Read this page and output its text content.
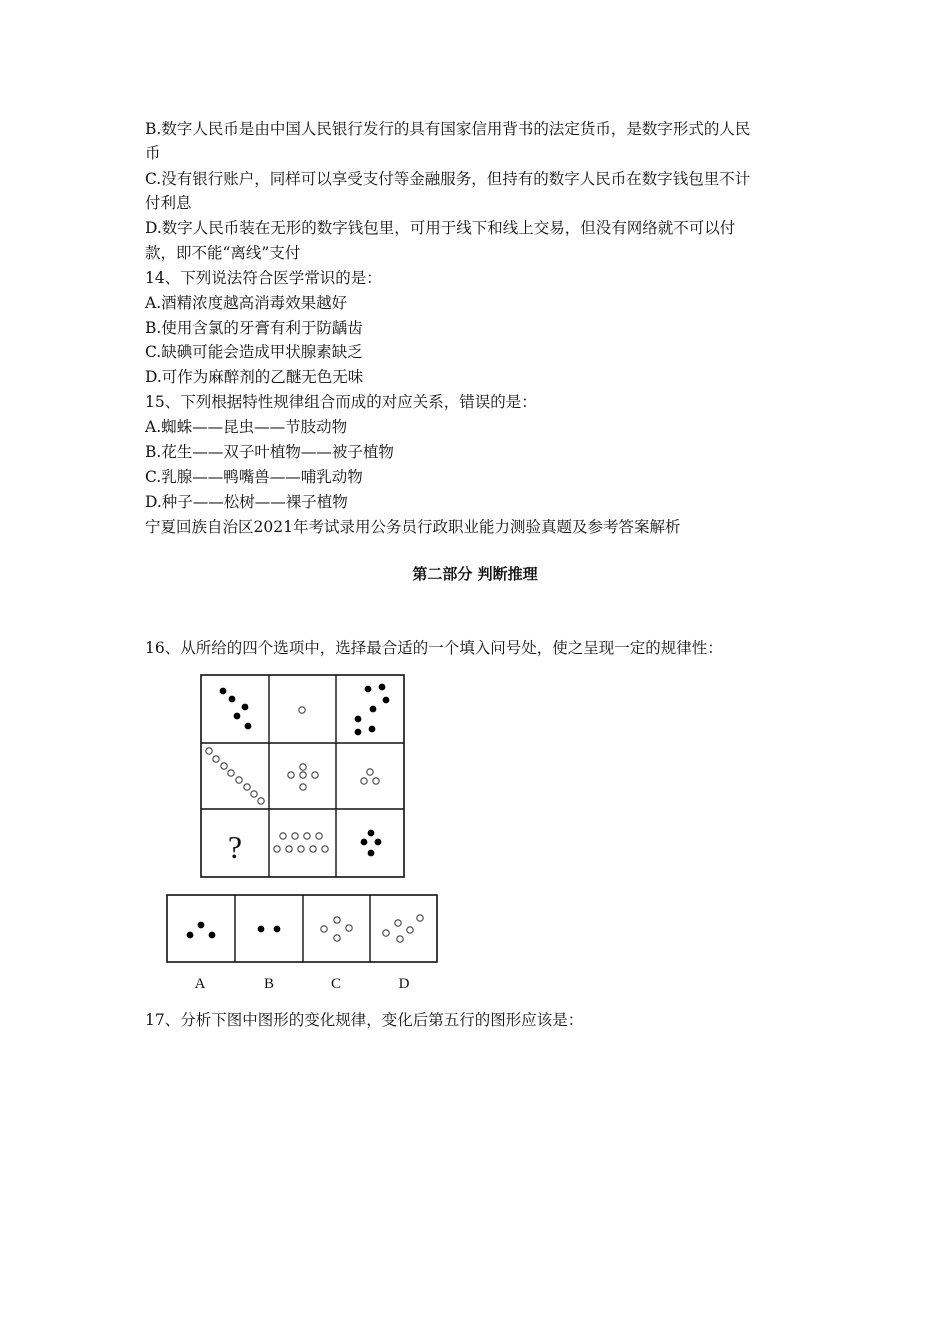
B.数字人民币是由中国人民银行发行的具有国家信用背书的法定货币，是数字形式的人民
币
C.没有银行账户，同样可以享受支付等金融服务，但持有的数字人民币在数字钱包里不计
付利息
D.数字人民币装在无形的数字钱包里，可用于线下和线上交易，但没有网络就不可以付
款，即不能“离线”支付
14、下列说法符合医学常识的是：
A.酒精浓度越高消毒效果越好
B.使用含氯的牙膏有利于防龋齿
C.缺碘可能会造成甲状腺素缺乏
D.可作为麻醉剂的乙醚无色无味
15、下列根据特性规律组合而成的对应关系，错误的是：
A.蜘蛛——昆虫——节肢动物
B.花生——双子叶植物——被子植物
C.乳腺——鸭嘴兽——哺乳动物
D.种子——松树——裸子植物
宁夏回族自治区2021年考试录用公务员行政职业能力测验真题及参考答案解析
第二部分 判断推理
16、从所给的四个选项中，选择最合适的一个填入问号处，使之呈现一定的规律性：
?
A	B	C	D
17、分析下图中图形的变化规律，变化后第五行的图形应该是：
